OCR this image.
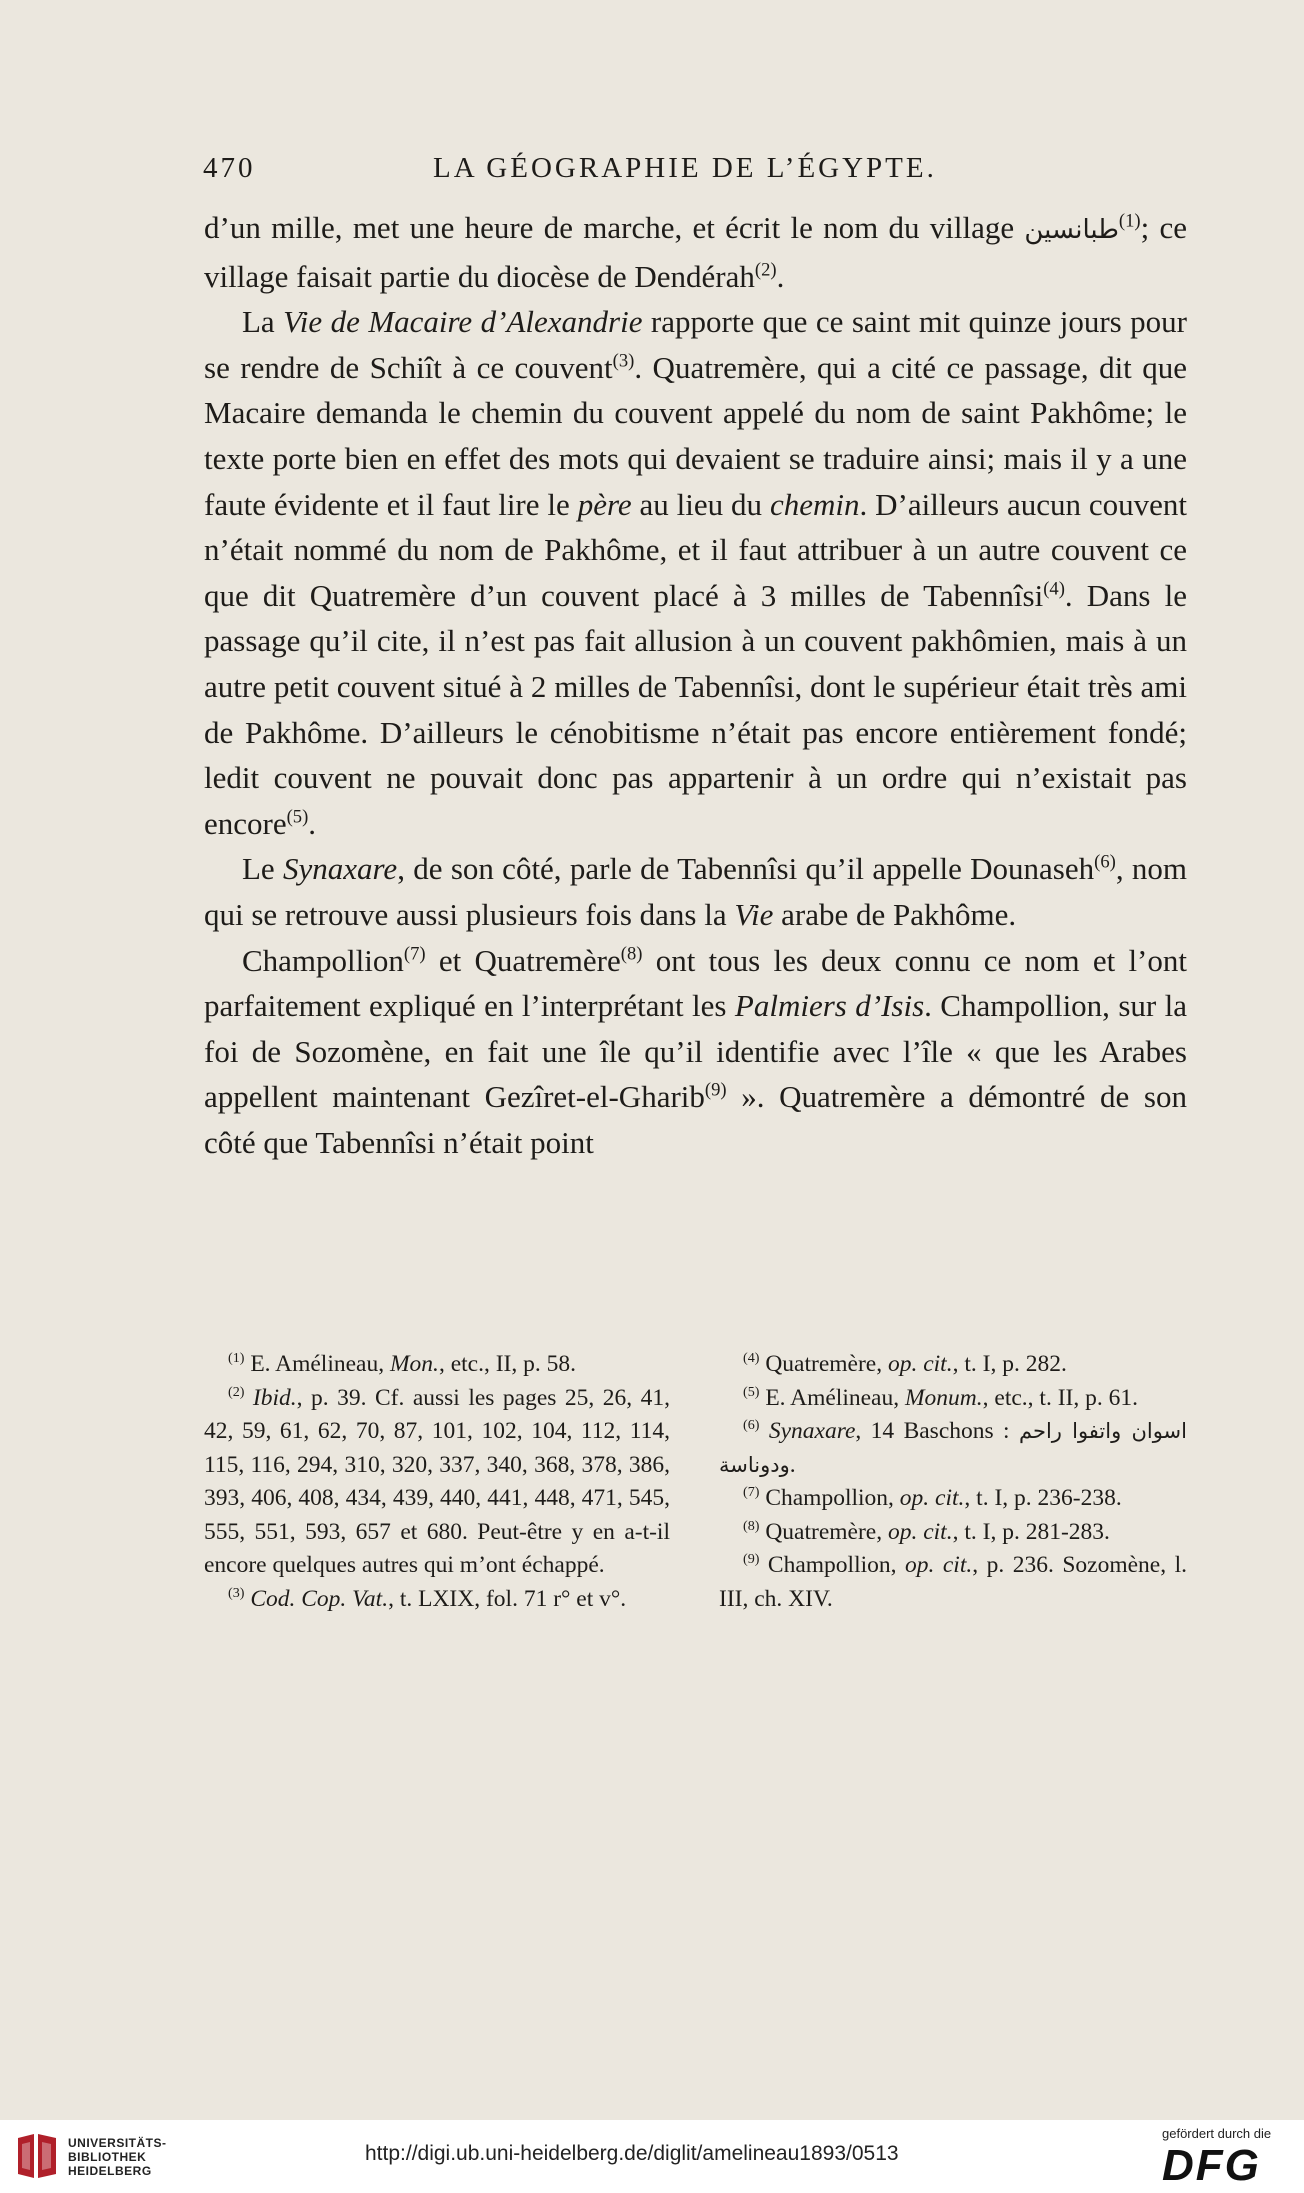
470	LA GÉOGRAPHIE DE L’ÉGYPTE.

d’un mille, met une heure de marche, et écrit le nom du village طبانسين$^{(1)}$; ce village faisait partie du diocèse de Dendérah$^{(2)}$.

La Vie de Macaire d’Alexandrie rapporte que ce saint mit quinze jours pour se rendre de Schiît à ce couvent$^{(3)}$. Quatremère, qui a cité ce passage, dit que Macaire demanda le chemin du couvent appelé du nom de saint Pakhôme; le texte porte bien en effet des mots qui devaient se traduire ainsi; mais il y a une faute évidente et il faut lire le père au lieu du chemin. D’ailleurs aucun couvent n’était nommé du nom de Pakhôme, et il faut attribuer à un autre couvent ce que dit Quatremère d’un couvent placé à 3 milles de Tabennîsi$^{(4)}$. Dans le passage qu’il cite, il n’est pas fait allusion à un couvent pakhômien, mais à un autre petit couvent situé à 2 milles de Tabennîsi, dont le supérieur était très ami de Pakhôme. D’ailleurs le cénobitisme n’était pas encore entièrement fondé; ledit couvent ne pouvait donc pas appartenir à un ordre qui n’existait pas encore$^{(5)}$.

Le Synaxare, de son côté, parle de Tabennîsi qu’il appelle Dounaseh$^{(6)}$, nom qui se retrouve aussi plusieurs fois dans la Vie arabe de Pakhôme.

Champollion$^{(7)}$ et Quatremère$^{(8)}$ ont tous les deux connu ce nom et l’ont parfaitement expliqué en l’interprétant les Palmiers d’Isis. Champollion, sur la foi de Sozomène, en fait une île qu’il identifie avec l’île « que les Arabes appellent maintenant Gezîret-el-Gharib$^{(9)}$ ». Quatremère a démontré de son côté que Tabennîsi n’était point

$^{(1)}$ E. Amélineau, Mon., etc., II, p. 58.

$^{(2)}$ Ibid., p. 39. Cf. aussi les pages 25, 26, 41, 42, 59, 61, 62, 70, 87, 101, 102, 104, 112, 114, 115, 116, 294, 310, 320, 337, 340, 368, 378, 386, 393, 406, 408, 434, 439, 440, 441, 448, 471, 545, 555, 551, 593, 657 et 680. Peut-être y en a-t-il encore quelques autres qui m’ont échappé.

$^{(3)}$ Cod. Cop. Vat., t. LXIX, fol. 71 r° et v°.

$^{(4)}$ Quatremère, op. cit., t. I, p. 282.

$^{(5)}$ E. Amélineau, Monum., etc., t. II, p. 61.

$^{(6)}$ Synaxare, 14 Baschons : اسوان واتفوا راحم ودوناسة.

$^{(7)}$ Champollion, op. cit., t. I, p. 236-238.

$^{(8)}$ Quatremère, op. cit., t. I, p. 281-283.

$^{(9)}$ Champollion, op. cit., p. 236. Sozomène, l. III, ch. XIV.

UNIVERSITÄTS-
BIBLIOTHEK
HEIDELBERG
http://digi.ub.uni-heidelberg.de/diglit/amelineau1893/0513
gefördert durch die
DFG
